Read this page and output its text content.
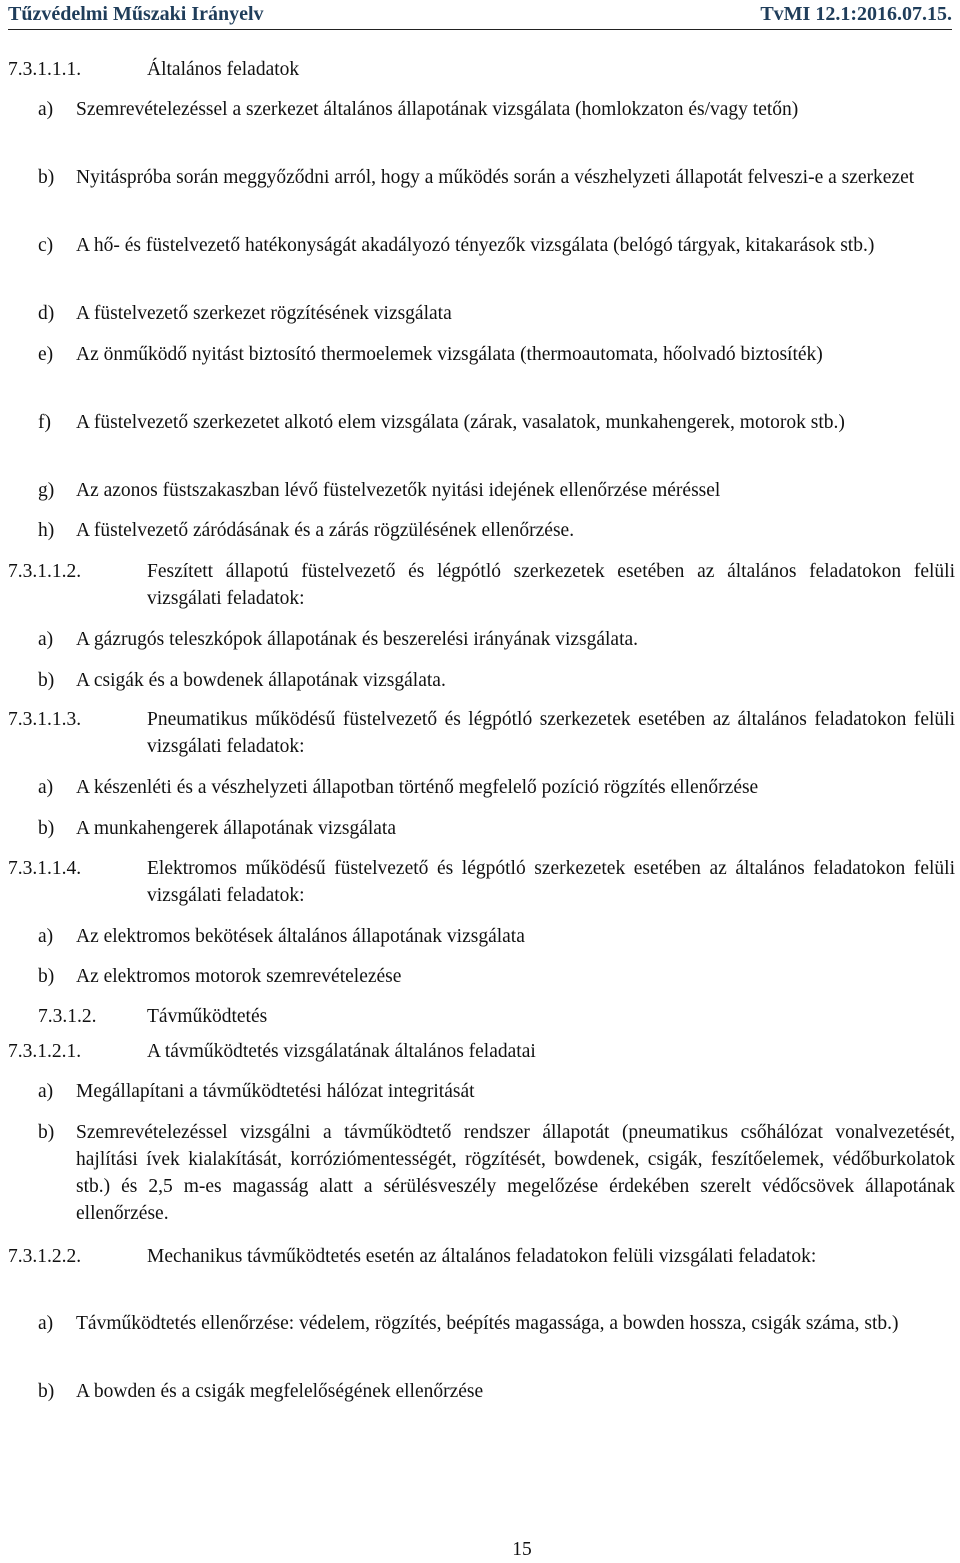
Tűzvédelmi Műszaki Irányelv	TvMI 12.1:2016.07.15.
7.3.1.1.1.	Általános feladatok
a) Szemrevételezéssel a szerkezet általános állapotának vizsgálata (homlokzaton és/vagy tetőn)
b) Nyitáspróba során meggyőződni arról, hogy a működés során a vészhelyzeti állapotát felveszi-e a szerkezet
c) A hő- és füstelvezető hatékonyságát akadályozó tényezők vizsgálata (belógó tárgyak, kitakarások stb.)
d) A füstelvezető szerkezet rögzítésének vizsgálata
e) Az önműködő nyitást biztosító thermoelemek vizsgálata (thermoautomata, hőolvadó biztosíték)
f) A füstelvezető szerkezetet alkotó elem vizsgálata (zárak, vasalatok, munkahengerek, motorok stb.)
g) Az azonos füstszakaszban lévő füstelvezetők nyitási idejének ellenőrzése méréssel
h) A füstelvezető záródásának és a zárás rögzülésének ellenőrzése.
7.3.1.1.2.	Feszített állapotú füstelvezető és légpótló szerkezetek esetében az általános feladatokon felüli vizsgálati feladatok:
a) A gázrugós teleszkópok állapotának és beszerelési irányának vizsgálata.
b) A csigák és a bowdenek állapotának vizsgálata.
7.3.1.1.3.	Pneumatikus működésű füstelvezető és légpótló szerkezetek esetében az általános feladatokon felüli vizsgálati feladatok:
a) A készenléti és a vészhelyzeti állapotban történő megfelelő pozíció rögzítés ellenőrzése
b) A munkahengerek állapotának vizsgálata
7.3.1.1.4.	Elektromos működésű füstelvezető és légpótló szerkezetek esetében az általános feladatokon felüli vizsgálati feladatok:
a) Az elektromos bekötések általános állapotának vizsgálata
b) Az elektromos motorok szemrevételezése
7.3.1.2.	Távműködtetés
7.3.1.2.1.	A távműködtetés vizsgálatának általános feladatai
a) Megállapítani a távműködtetési hálózat integritását
b) Szemrevételezéssel vizsgálni a távműködtető rendszer állapotát (pneumatikus csőhálózat vonalvezetését, hajlítási ívek kialakítását, korróziómentességét, rögzítését, bowdenek, csigák, feszítőelemek, védőburkolatok stb.) és 2,5 m-es magasság alatt a sérülésveszély megelőzése érdekében szerelt védőcsövek állapotának ellenőrzése.
7.3.1.2.2.	Mechanikus távműködtetés esetén az általános feladatokon felüli vizsgálati feladatok:
a) Távműködtetés ellenőrzése: védelem, rögzítés, beépítés magassága, a bowden hossza, csigák száma, stb.)
b) A bowden és a csigák megfelelőségének ellenőrzése
15
